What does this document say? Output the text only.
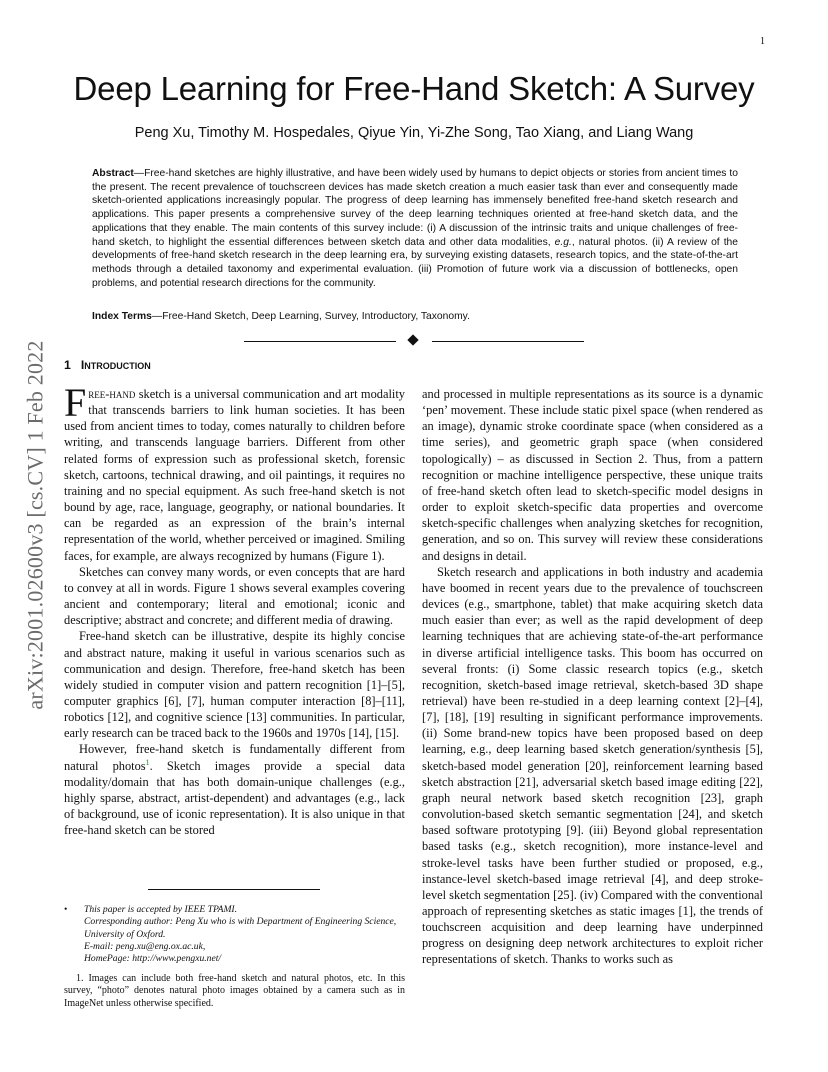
1
arXiv:2001.02600v3 [cs.CV] 1 Feb 2022
Deep Learning for Free-Hand Sketch: A Survey
Peng Xu, Timothy M. Hospedales, Qiyue Yin, Yi-Zhe Song, Tao Xiang, and Liang Wang

Abstract—Free-hand sketches are highly illustrative, and have been widely used by humans to depict objects or stories from ancient times to the present. The recent prevalence of touchscreen devices has made sketch creation a much easier task than ever and consequently made sketch-oriented applications increasingly popular. The progress of deep learning has immensely benefited free-hand sketch research and applications. This paper presents a comprehensive survey of the deep learning techniques oriented at free-hand sketch data, and the applications that they enable. The main contents of this survey include: (i) A discussion of the intrinsic traits and unique challenges of free-hand sketch, to highlight the essential differences between sketch data and other data modalities, e.g., natural photos. (ii) A review of the developments of free-hand sketch research in the deep learning era, by surveying existing datasets, research topics, and the state-of-the-art methods through a detailed taxonomy and experimental evaluation. (iii) Promotion of future work via a discussion of bottlenecks, open problems, and potential research directions for the community.

Index Terms—Free-Hand Sketch, Deep Learning, Survey, Introductory, Taxonomy.

1 Introduction

Free-hand sketch is a universal communication and art modality that transcends barriers to link human societies. It has been used from ancient times to today, comes naturally to children before writing, and transcends language barriers. Different from other related forms of expression such as professional sketch, forensic sketch, cartoons, technical drawing, and oil paintings, it requires no training and no special equipment. As such free-hand sketch is not bound by age, race, language, geography, or national boundaries. It can be regarded as an expression of the brain’s internal representation of the world, whether perceived or imagined. Smiling faces, for example, are always recognized by humans (Figure 1).

Sketches can convey many words, or even concepts that are hard to convey at all in words. Figure 1 shows several examples covering ancient and contemporary; literal and emotional; iconic and descriptive; abstract and concrete; and different media of drawing.

Free-hand sketch can be illustrative, despite its highly concise and abstract nature, making it useful in various scenarios such as communication and design. Therefore, free-hand sketch has been widely studied in computer vision and pattern recognition [1]–[5], computer graphics [6], [7], human computer interaction [8]–[11], robotics [12], and cognitive science [13] communities. In particular, early research can be traced back to the 1960s and 1970s [14], [15].

However, free-hand sketch is fundamentally different from natural photos$^1$. Sketch images provide a special data modality/domain that has both domain-unique challenges (e.g., highly sparse, abstract, artist-dependent) and advantages (e.g., lack of background, use of iconic representation). It is also unique in that free-hand sketch can be stored

• This paper is accepted by IEEE TPAMI.
Corresponding author: Peng Xu who is with Department of Engineering Science, University of Oxford.
E-mail: peng.xu@eng.ox.ac.uk,
HomePage: http://www.pengxu.net/
1. Images can include both free-hand sketch and natural photos, etc. In this survey, “photo” denotes natural photo images obtained by a camera such as in ImageNet unless otherwise specified.

and processed in multiple representations as its source is a dynamic ‘pen’ movement. These include static pixel space (when rendered as an image), dynamic stroke coordinate space (when considered as a time series), and geometric graph space (when considered topologically) – as discussed in Section 2. Thus, from a pattern recognition or machine intelligence perspective, these unique traits of free-hand sketch often lead to sketch-specific model designs in order to exploit sketch-specific data properties and overcome sketch-specific challenges when analyzing sketches for recognition, generation, and so on. This survey will review these considerations and designs in detail.

Sketch research and applications in both industry and academia have boomed in recent years due to the prevalence of touchscreen devices (e.g., smartphone, tablet) that make acquiring sketch data much easier than ever; as well as the rapid development of deep learning techniques that are achieving state-of-the-art performance in diverse artificial intelligence tasks. This boom has occurred on several fronts: (i) Some classic research topics (e.g., sketch recognition, sketch-based image retrieval, sketch-based 3D shape retrieval) have been re-studied in a deep learning context [2]–[4], [7], [18], [19] resulting in significant performance improvements. (ii) Some brand-new topics have been proposed based on deep learning, e.g., deep learning based sketch generation/synthesis [5], sketch-based model generation [20], reinforcement learning based sketch abstraction [21], adversarial sketch based image editing [22], graph neural network based sketch recognition [23], graph convolution-based sketch semantic segmentation [24], and sketch based software prototyping [9]. (iii) Beyond global representation based tasks (e.g., sketch recognition), more instance-level and stroke-level tasks have been further studied or proposed, e.g., instance-level sketch-based image retrieval [4], and deep stroke-level sketch segmentation [25]. (iv) Compared with the conventional approach of representing sketches as static images [1], the trends of touchscreen acquisition and deep learning have underpinned progress on designing deep network architectures to exploit richer representations of sketch. Thanks to works such as
